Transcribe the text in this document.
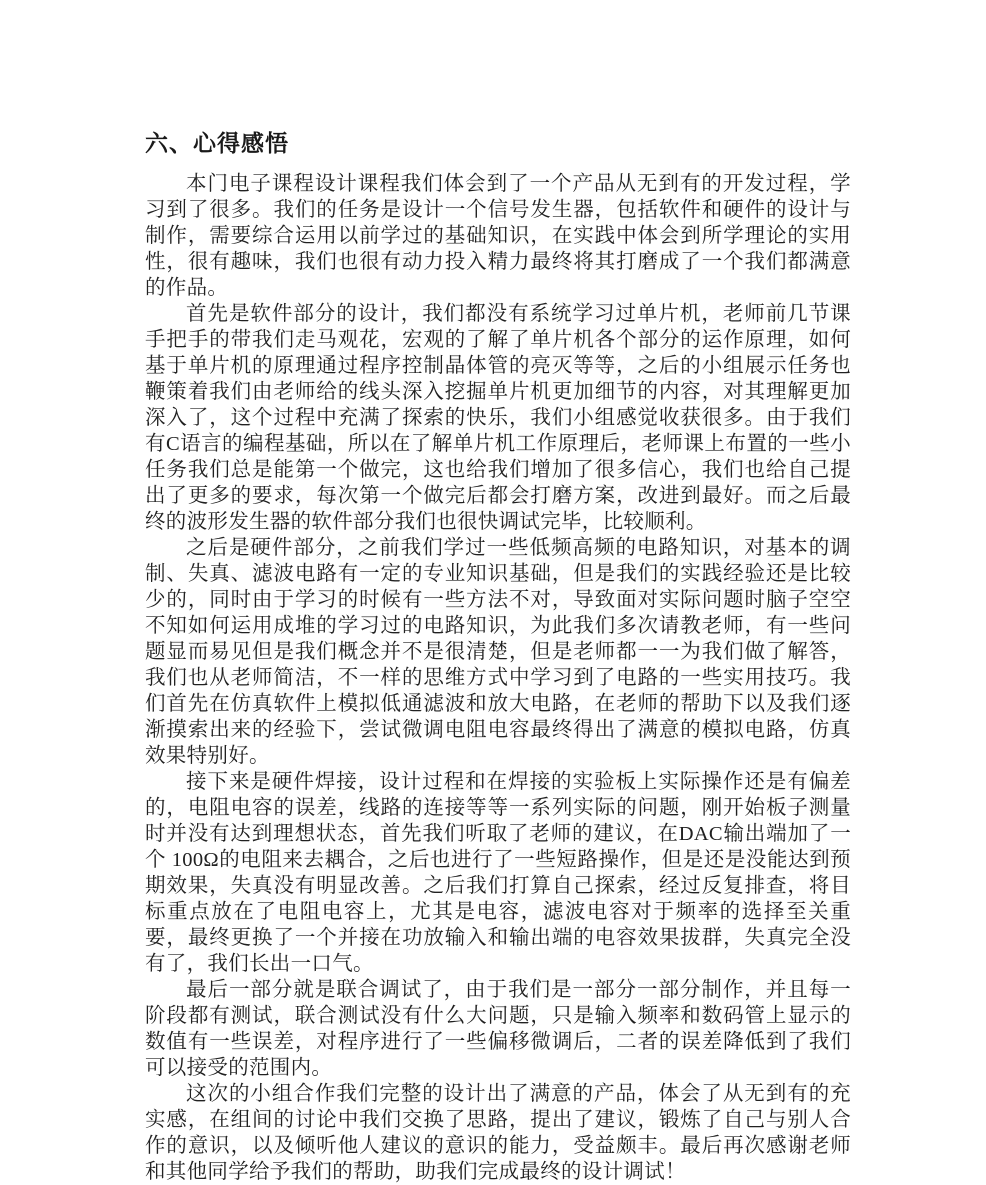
六、心得感悟

本门电子课程设计课程我们体会到了一个产品从无到有的开发过程，学习到了很多。我们的任务是设计一个信号发生器，包括软件和硬件的设计与制作，需要综合运用以前学过的基础知识，在实践中体会到所学理论的实用性，很有趣味，我们也很有动力投入精力最终将其打磨成了一个我们都满意的作品。

首先是软件部分的设计，我们都没有系统学习过单片机，老师前几节课手把手的带我们走马观花，宏观的了解了单片机各个部分的运作原理，如何基于单片机的原理通过程序控制晶体管的亮灭等等，之后的小组展示任务也鞭策着我们由老师给的线头深入挖掘单片机更加细节的内容，对其理解更加深入了，这个过程中充满了探索的快乐，我们小组感觉收获很多。由于我们有C语言的编程基础，所以在了解单片机工作原理后，老师课上布置的一些小任务我们总是能第一个做完，这也给我们增加了很多信心，我们也给自己提出了更多的要求，每次第一个做完后都会打磨方案，改进到最好。而之后最终的波形发生器的软件部分我们也很快调试完毕，比较顺利。

之后是硬件部分，之前我们学过一些低频高频的电路知识，对基本的调制、失真、滤波电路有一定的专业知识基础，但是我们的实践经验还是比较少的，同时由于学习的时候有一些方法不对，导致面对实际问题时脑子空空不知如何运用成堆的学习过的电路知识，为此我们多次请教老师，有一些问题显而易见但是我们概念并不是很清楚，但是老师都一一为我们做了解答，我们也从老师简洁，不一样的思维方式中学习到了电路的一些实用技巧。我们首先在仿真软件上模拟低通滤波和放大电路，在老师的帮助下以及我们逐渐摸索出来的经验下，尝试微调电阻电容最终得出了满意的模拟电路，仿真效果特别好。

接下来是硬件焊接，设计过程和在焊接的实验板上实际操作还是有偏差的，电阻电容的误差，线路的连接等等一系列实际的问题，刚开始板子测量时并没有达到理想状态，首先我们听取了老师的建议，在DAC输出端加了一个 100Ω的电阻来去耦合，之后也进行了一些短路操作，但是还是没能达到预期效果，失真没有明显改善。之后我们打算自己探索，经过反复排查，将目标重点放在了电阻电容上，尤其是电容，滤波电容对于频率的选择至关重要，最终更换了一个并接在功放输入和输出端的电容效果拔群，失真完全没有了，我们长出一口气。

最后一部分就是联合调试了，由于我们是一部分一部分制作，并且每一阶段都有测试，联合测试没有什么大问题，只是输入频率和数码管上显示的数值有一些误差，对程序进行了一些偏移微调后，二者的误差降低到了我们可以接受的范围内。

这次的小组合作我们完整的设计出了满意的产品，体会了从无到有的充实感，在组间的讨论中我们交换了思路，提出了建议，锻炼了自己与别人合作的意识，以及倾听他人建议的意识的能力，受益颇丰。最后再次感谢老师和其他同学给予我们的帮助，助我们完成最终的设计调试！
